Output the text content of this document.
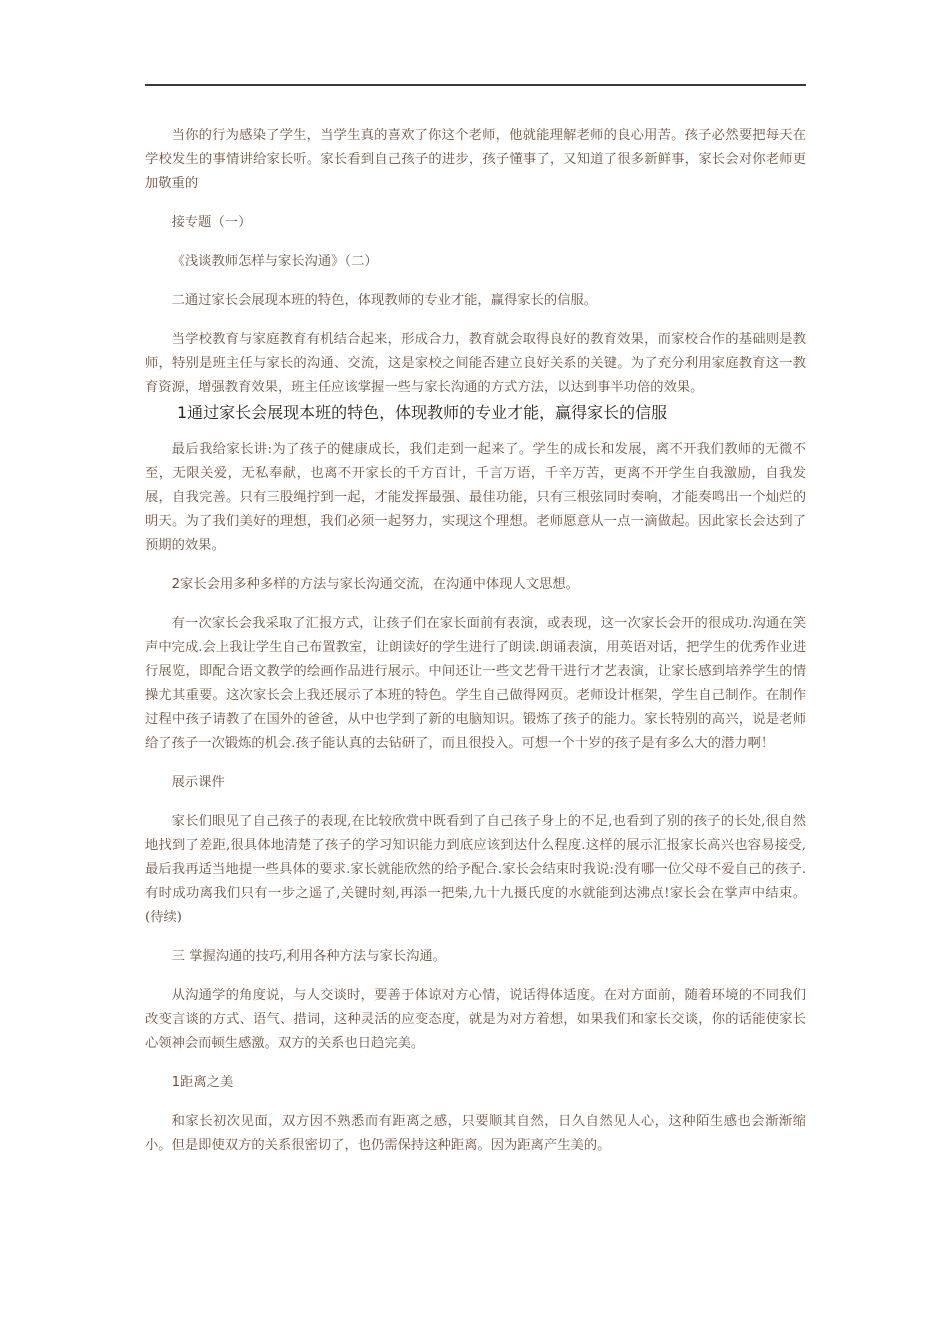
当你的行为感染了学生，当学生真的喜欢了你这个老师，他就能理解老师的良心用苦。孩子必然要把每天在学校发生的事情讲给家长听。家长看到自己孩子的进步，孩子懂事了，又知道了很多新鲜事，家长会对你老师更加敬重的

接专题（一）

《浅谈教师怎样与家长沟通》（二）

二通过家长会展现本班的特色，体现教师的专业才能，赢得家长的信服。

当学校教育与家庭教育有机结合起来，形成合力，教育就会取得良好的教育效果，而家校合作的基础则是教师，特别是班主任与家长的沟通、交流，这是家校之间能否建立良好关系的关键。为了充分利用家庭教育这一教育资源，增强教育效果，班主任应该掌握一些与家长沟通的方式方法，以达到事半功倍的效果。

1通过家长会展现本班的特色，体现教师的专业才能，赢得家长的信服

最后我给家长讲:为了孩子的健康成长，我们走到一起来了。学生的成长和发展，离不开我们教师的无微不至，无限关爱，无私奉献，也离不开家长的千方百计，千言万语，千辛万苦，更离不开学生自我激励，自我发展，自我完善。只有三股绳拧到一起，才能发挥最强、最佳功能，只有三根弦同时奏响，才能奏鸣出一个灿烂的明天。为了我们美好的理想，我们必须一起努力，实现这个理想。老师愿意从一点一滴做起。因此家长会达到了预期的效果。

2家长会用多种多样的方法与家长沟通交流，在沟通中体现人文思想。

有一次家长会我采取了汇报方式，让孩子们在家长面前有表演，或表现，这一次家长会开的很成功.沟通在笑声中完成.会上我让学生自己布置教室，让朗读好的学生进行了朗读.朗诵表演，用英语对话，把学生的优秀作业进行展览，即配合语文教学的绘画作品进行展示。中间还让一些文艺骨干进行才艺表演，让家长感到培养学生的情操尤其重要。这次家长会上我还展示了本班的特色。学生自己做得网页。老师设计框架，学生自己制作。在制作过程中孩子请教了在国外的爸爸，从中也学到了新的电脑知识。锻炼了孩子的能力。家长特别的高兴，说是老师给了孩子一次锻炼的机会.孩子能认真的去钻研了，而且很投入。可想一个十岁的孩子是有多么大的潜力啊！

展示课件

家长们眼见了自己孩子的表现,在比较欣赏中既看到了自己孩子身上的不足,也看到了别的孩子的长处,很自然地找到了差距,很具体地清楚了孩子的学习知识能力到底应该到达什么程度.这样的展示汇报家长高兴也容易接受,最后我再适当地提一些具体的要求.家长就能欣然的给予配合.家长会结束时我说:没有哪一位父母不爱自己的孩子.有时成功离我们只有一步之遥了,关键时刻,再添一把柴,九十九摄氏度的水就能到达沸点!家长会在掌声中结束。(待续)

三 掌握沟通的技巧,利用各种方法与家长沟通。

从沟通学的角度说，与人交谈时，要善于体谅对方心情，说话得体适度。在对方面前，随着环境的不同我们改变言谈的方式、语气、措词，这种灵活的应变态度，就是为对方着想，如果我们和家长交谈，你的话能使家长心领神会而顿生感激。双方的关系也日趋完美。

1距离之美

和家长初次见面，双方因不熟悉而有距离之感，只要顺其自然，日久自然见人心，这种陌生感也会渐渐缩小。但是即使双方的关系很密切了，也仍需保持这种距离。因为距离产生美的。
